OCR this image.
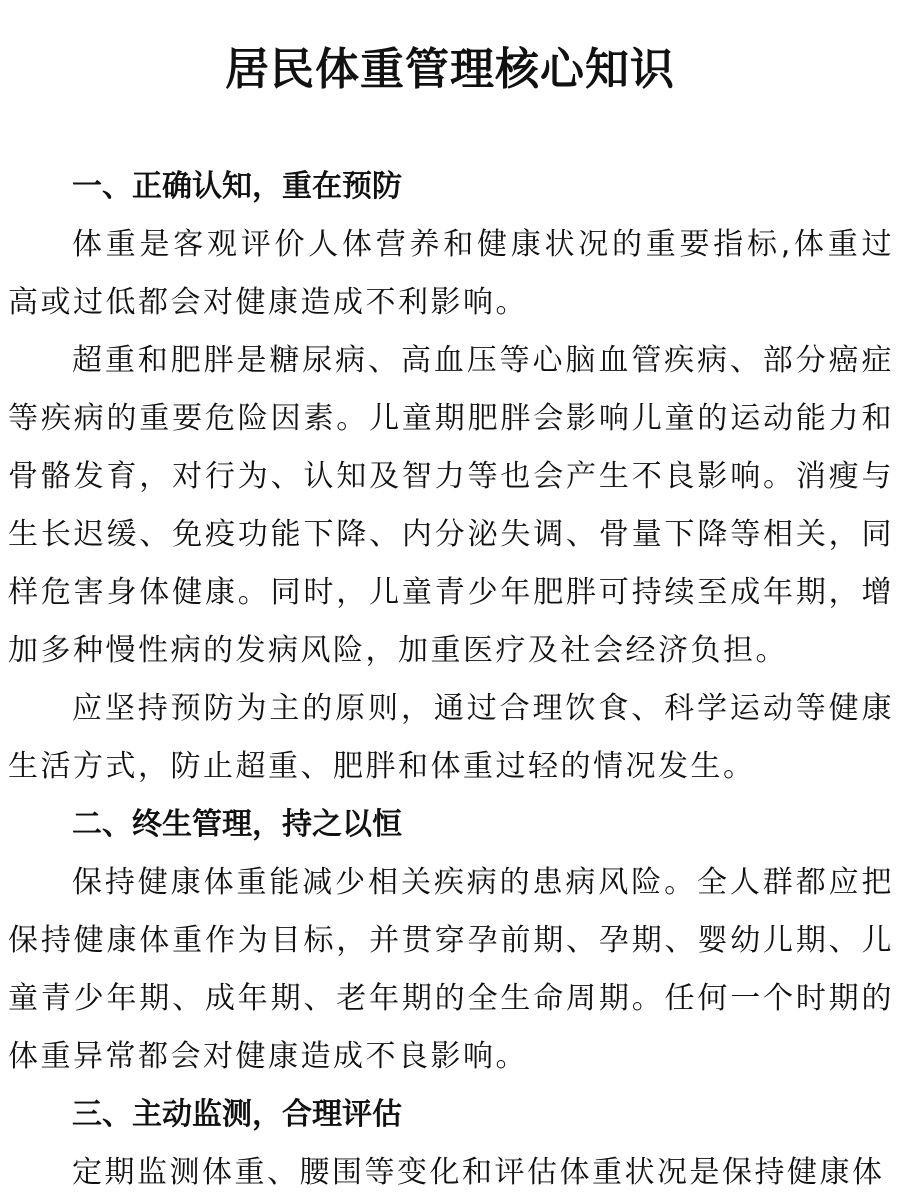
居民体重管理核心知识
一、正确认知，重在预防

体重是客观评价人体营养和健康状况的重要指标,体重过高或过低都会对健康造成不利影响。

超重和肥胖是糖尿病、高血压等心脑血管疾病、部分癌症等疾病的重要危险因素。儿童期肥胖会影响儿童的运动能力和骨骼发育，对行为、认知及智力等也会产生不良影响。消瘦与生长迟缓、免疫功能下降、内分泌失调、骨量下降等相关，同样危害身体健康。同时，儿童青少年肥胖可持续至成年期，增加多种慢性病的发病风险，加重医疗及社会经济负担。

应坚持预防为主的原则，通过合理饮食、科学运动等健康生活方式，防止超重、肥胖和体重过轻的情况发生。

二、终生管理，持之以恒

保持健康体重能减少相关疾病的患病风险。全人群都应把保持健康体重作为目标，并贯穿孕前期、孕期、婴幼儿期、儿童青少年期、成年期、老年期的全生命周期。任何一个时期的体重异常都会对健康造成不良影响。

三、主动监测，合理评估

定期监测体重、腰围等变化和评估体重状况是保持健康体
